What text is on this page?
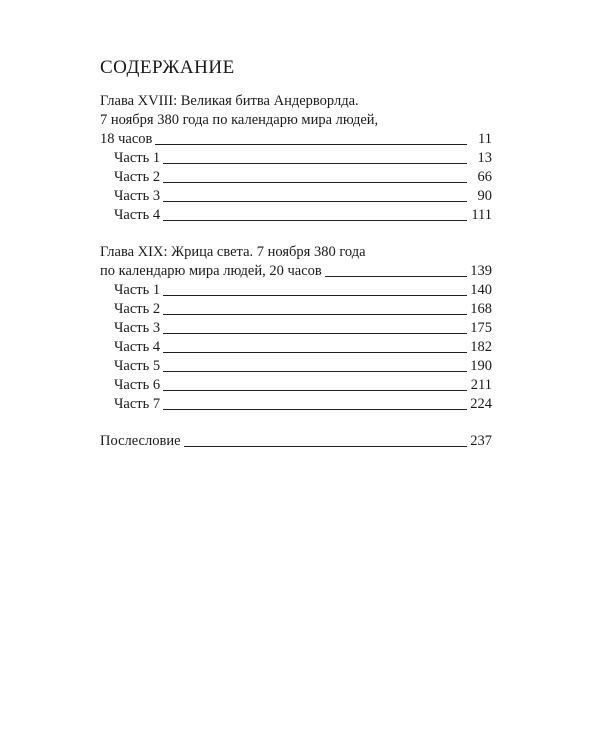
СОДЕРЖАНИЕ
Глава XVIII: Великая битва Андерворлда.
7 ноября 380 года по календарю мира людей,
18 часов	11
Часть 1	13
Часть 2	66
Часть 3	90
Часть 4	111
Глава XIX: Жрица света. 7 ноября 380 года
по календарю мира людей, 20 часов	139
Часть 1	140
Часть 2	168
Часть 3	175
Часть 4	182
Часть 5	190
Часть 6	211
Часть 7	224
Послесловие	237
